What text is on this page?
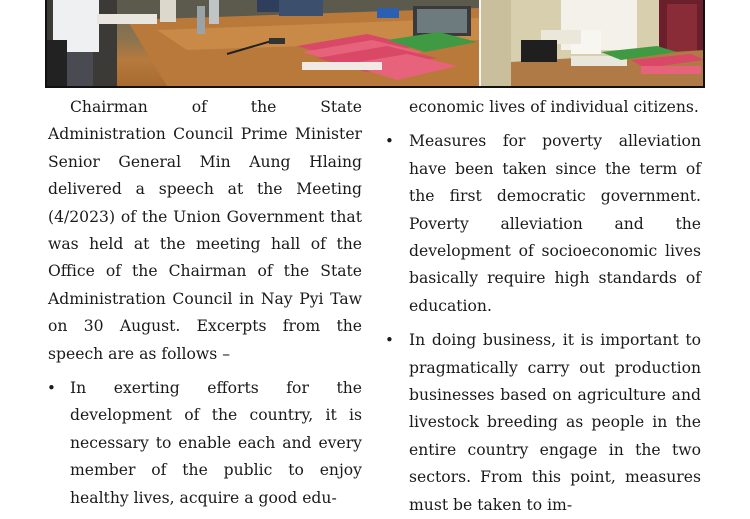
Chairman of the State Administration Council Prime Minister Senior General Min Aung Hlaing delivered a speech at the Meeting (4/2023) of the Union Government that was held at the meeting hall of the Office of the Chairman of the State Administration Council in Nay Pyi Taw on 30 August. Excerpts from the speech are as follows –

• In exerting efforts for the development of the country, it is necessary to enable each and every member of the public to enjoy healthy lives, acquire a good edu-

economic lives of individual citizens.

• Measures for poverty alleviation have been taken since the term of the first democratic government. Poverty alleviation and the development of socioeconomic lives basically require high standards of education.

• In doing business, it is important to pragmatically carry out production businesses based on agriculture and livestock breeding as people in the entire country engage in the two sectors. From this point, measures must be taken to im-
